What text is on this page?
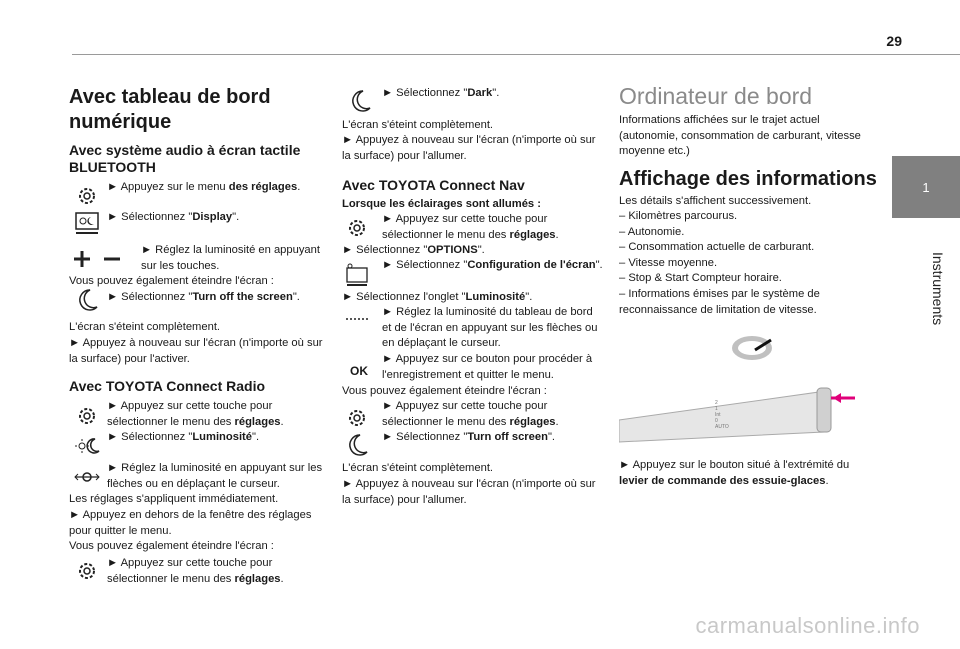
29
1
Instruments
Avec tableau de bord numérique
Avec système audio à écran tactile BLUETOOTH

► Appuyez sur le menu des réglages.

► Sélectionnez "Display".

► Réglez la luminosité en appuyant sur les touches.

Vous pouvez également éteindre l'écran :

► Sélectionnez "Turn off the screen".

L'écran s'éteint complètement.

► Appuyez à nouveau sur l'écran (n'importe où sur la surface) pour l'activer.

Avec TOYOTA Connect Radio

► Appuyez sur cette touche pour sélectionner le menu des réglages.

► Sélectionnez "Luminosité".

► Réglez la luminosité en appuyant sur les flèches ou en déplaçant le curseur.

Les réglages s'appliquent immédiatement.

► Appuyez en dehors de la fenêtre des réglages pour quitter le menu.

Vous pouvez également éteindre l'écran :

► Appuyez sur cette touche pour sélectionner le menu des réglages.

► Sélectionnez "Dark".

L'écran s'éteint complètement.

► Appuyez à nouveau sur l'écran (n'importe où sur la surface) pour l'allumer.

Avec TOYOTA Connect Nav

Lorsque les éclairages sont allumés :

► Appuyez sur cette touche pour sélectionner le menu des réglages.

► Sélectionnez "OPTIONS".

► Sélectionnez "Configuration de l'écran".

► Sélectionnez l'onglet "Luminosité".

► Réglez la luminosité du tableau de bord et de l'écran en appuyant sur les flèches ou en déplaçant le curseur.

OK

► Appuyez sur ce bouton pour procéder à l'enregistrement et quitter le menu.

Vous pouvez également éteindre l'écran :

► Appuyez sur cette touche pour sélectionner le menu des réglages.

► Sélectionnez "Turn off screen".

L'écran s'éteint complètement.

► Appuyez à nouveau sur l'écran (n'importe où sur la surface) pour l'allumer.

Ordinateur de bord

Informations affichées sur le trajet actuel (autonomie, consommation de carburant, vitesse moyenne etc.)

Affichage des informations

Les détails s'affichent successivement.

– Kilomètres parcourus.

– Autonomie.

– Consommation actuelle de carburant.

– Vitesse moyenne.

– Stop & Start Compteur horaire.

– Informations émises par le système de reconnaissance de limitation de vitesse.

2
1
Int
0
AUTO

► Appuyez sur le bouton situé à l'extrémité du levier de commande des essuie-glaces.

carmanualsonline.info
